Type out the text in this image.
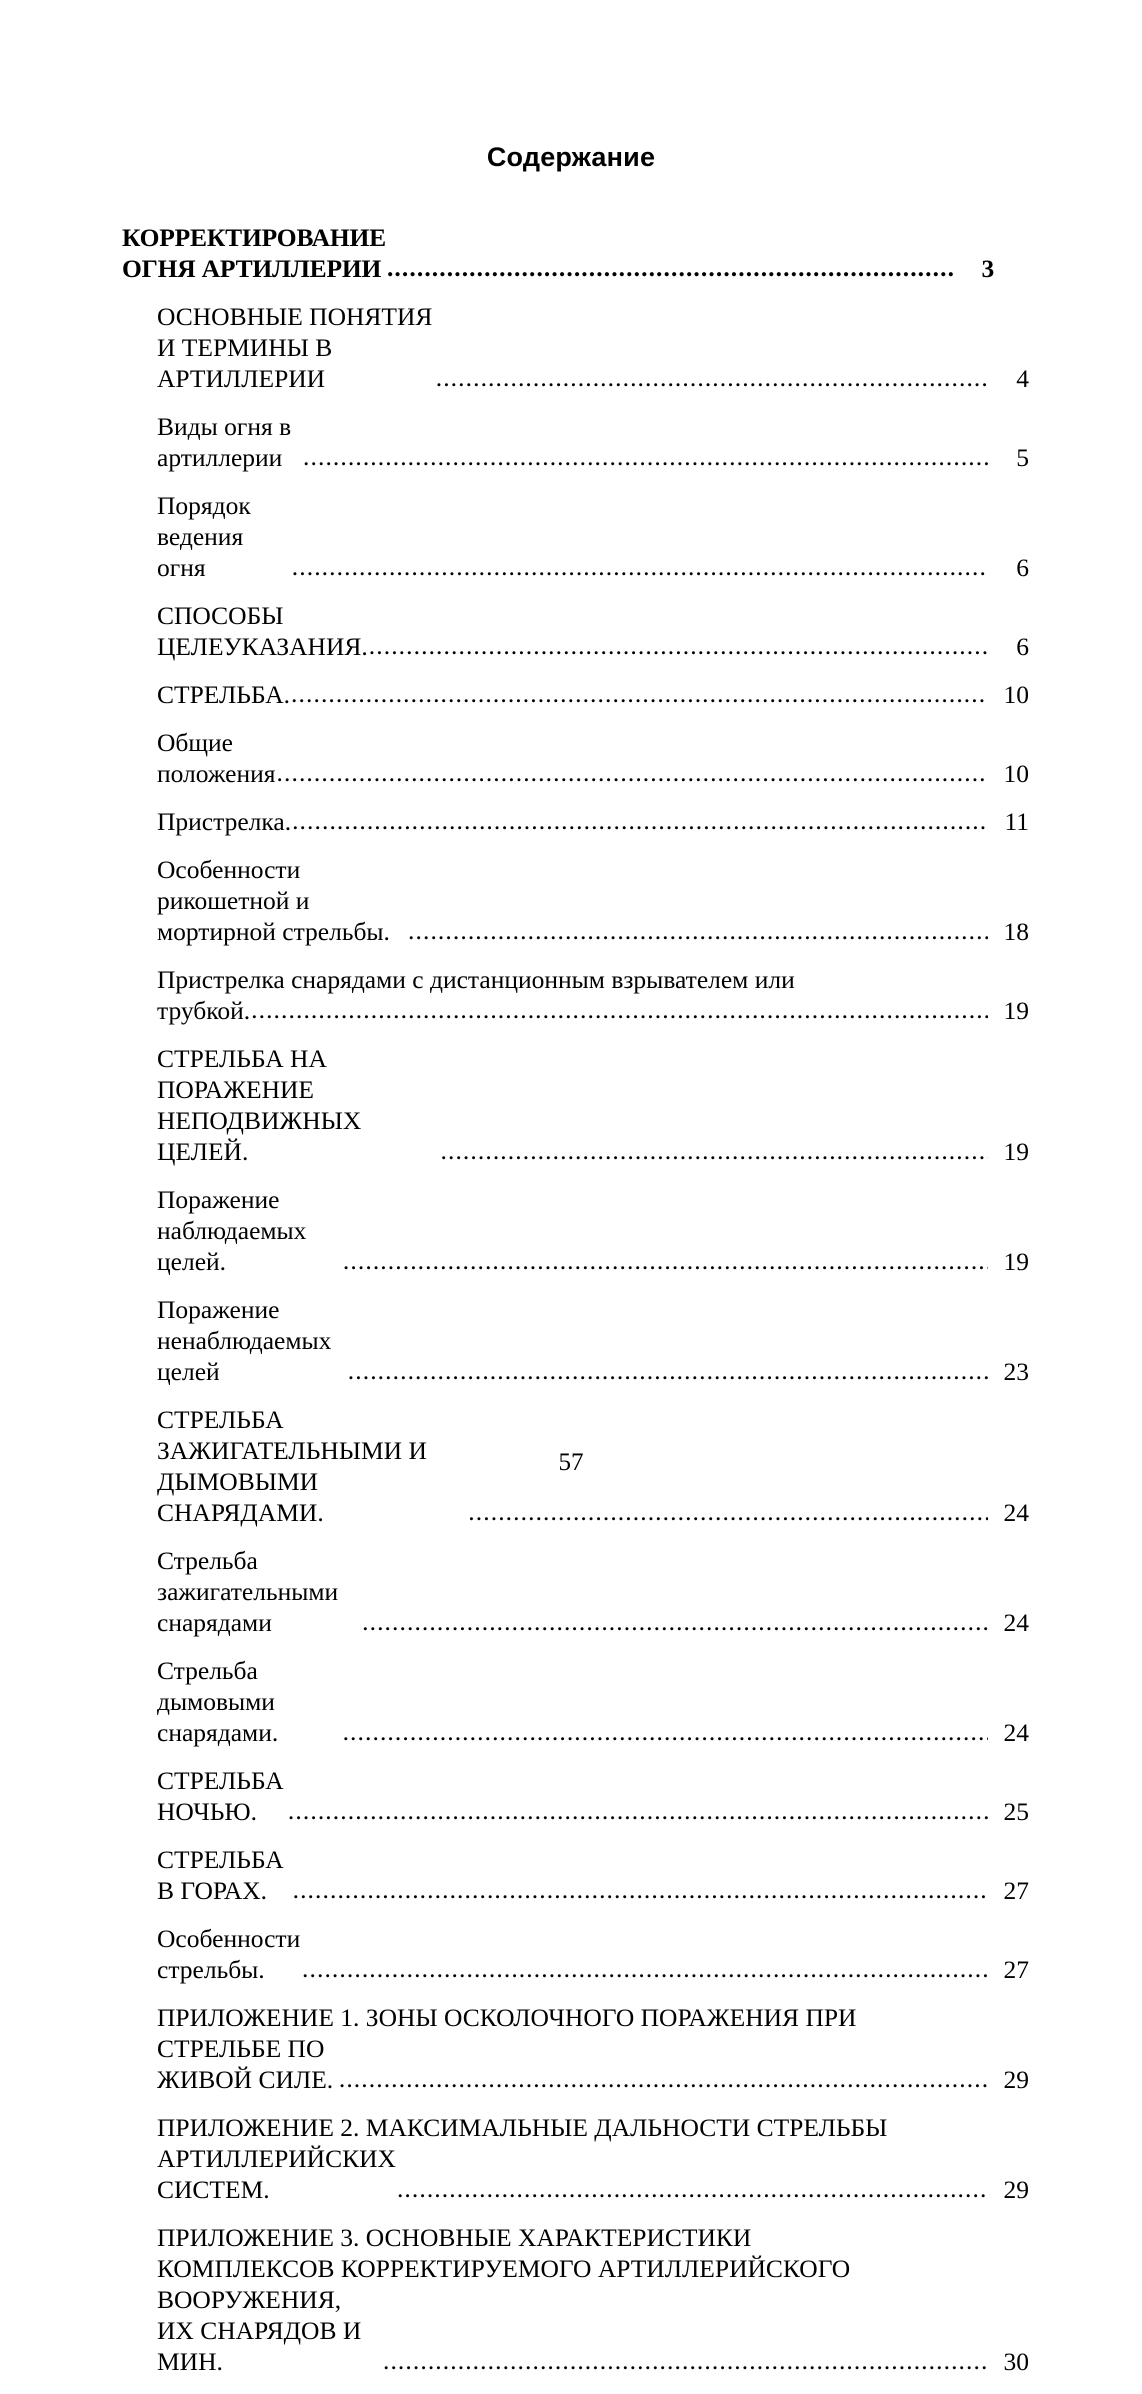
Содержание
КОРРЕКТИРОВАНИЕ ОГНЯ АРТИЛЛЕРИИ .....	3
ОСНОВНЫЕ ПОНЯТИЯ И ТЕРМИНЫ В АРТИЛЛЕРИИ .....	4
Виды огня в артиллерии .....	5
Порядок ведения огня .....	6
СПОСОБЫ ЦЕЛЕУКАЗАНИЯ. .....	6
СТРЕЛЬБА. .....	10
Общие положения .....	10
Пристрелка. .....	11
Особенности рикошетной и мортирной стрельбы. .....	18
Пристрелка снарядами с дистанционным взрывателем или
трубкой. .....	19
СТРЕЛЬБА НА ПОРАЖЕНИЕ  НЕПОДВИЖНЫХ ЦЕЛЕЙ. .....	19
Поражение наблюдаемых целей. .....	19
Поражение ненаблюдаемых целей .....	23
СТРЕЛЬБА ЗАЖИГАТЕЛЬНЫМИ И ДЫМОВЫМИ СНАРЯДАМИ. .....	24
Стрельба зажигательными снарядами .....	24
Стрельба дымовыми снарядами. .....	24
СТРЕЛЬБА НОЧЬЮ. .....	25
СТРЕЛЬБА В ГОРАХ. .....	27
Особенности стрельбы. .....	27
ПРИЛОЖЕНИЕ 1. ЗОНЫ ОСКОЛОЧНОГО ПОРАЖЕНИЯ ПРИ
СТРЕЛЬБЕ ПО ЖИВОЙ СИЛЕ. .....	29
ПРИЛОЖЕНИЕ 2. МАКСИМАЛЬНЫЕ ДАЛЬНОСТИ СТРЕЛЬБЫ
АРТИЛЛЕРИЙСКИХ СИСТЕМ. .....	29
ПРИЛОЖЕНИЕ 3. ОСНОВНЫЕ ХАРАКТЕРИСТИКИ
КОМПЛЕКСОВ КОРРЕКТИРУЕМОГО АРТИЛЛЕРИЙСКОГО
ВООРУЖЕНИЯ, ИХ СНАРЯДОВ И МИН. .....	30
57
